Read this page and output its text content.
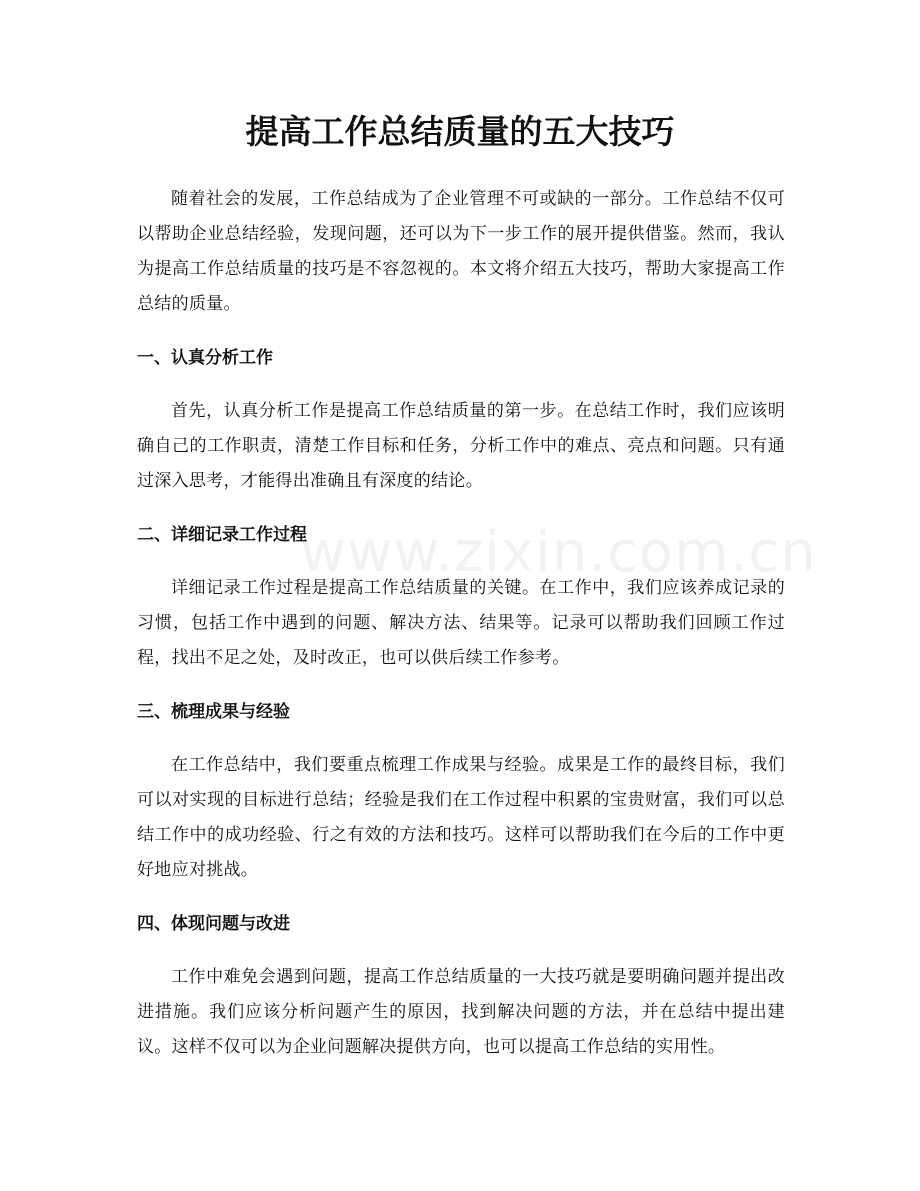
www.zixin.com.cn
提高工作总结质量的五大技巧

随着社会的发展，工作总结成为了企业管理不可或缺的一部分。工作总结不仅可以帮助企业总结经验，发现问题，还可以为下一步工作的展开提供借鉴。然而，我认为提高工作总结质量的技巧是不容忽视的。本文将介绍五大技巧，帮助大家提高工作总结的质量。

一、认真分析工作

首先，认真分析工作是提高工作总结质量的第一步。在总结工作时，我们应该明确自己的工作职责，清楚工作目标和任务，分析工作中的难点、亮点和问题。只有通过深入思考，才能得出准确且有深度的结论。

二、详细记录工作过程

详细记录工作过程是提高工作总结质量的关键。在工作中，我们应该养成记录的习惯，包括工作中遇到的问题、解决方法、结果等。记录可以帮助我们回顾工作过程，找出不足之处，及时改正，也可以供后续工作参考。

三、梳理成果与经验

在工作总结中，我们要重点梳理工作成果与经验。成果是工作的最终目标，我们可以对实现的目标进行总结；经验是我们在工作过程中积累的宝贵财富，我们可以总结工作中的成功经验、行之有效的方法和技巧。这样可以帮助我们在今后的工作中更好地应对挑战。

四、体现问题与改进

工作中难免会遇到问题，提高工作总结质量的一大技巧就是要明确问题并提出改进措施。我们应该分析问题产生的原因，找到解决问题的方法，并在总结中提出建议。这样不仅可以为企业问题解决提供方向，也可以提高工作总结的实用性。
